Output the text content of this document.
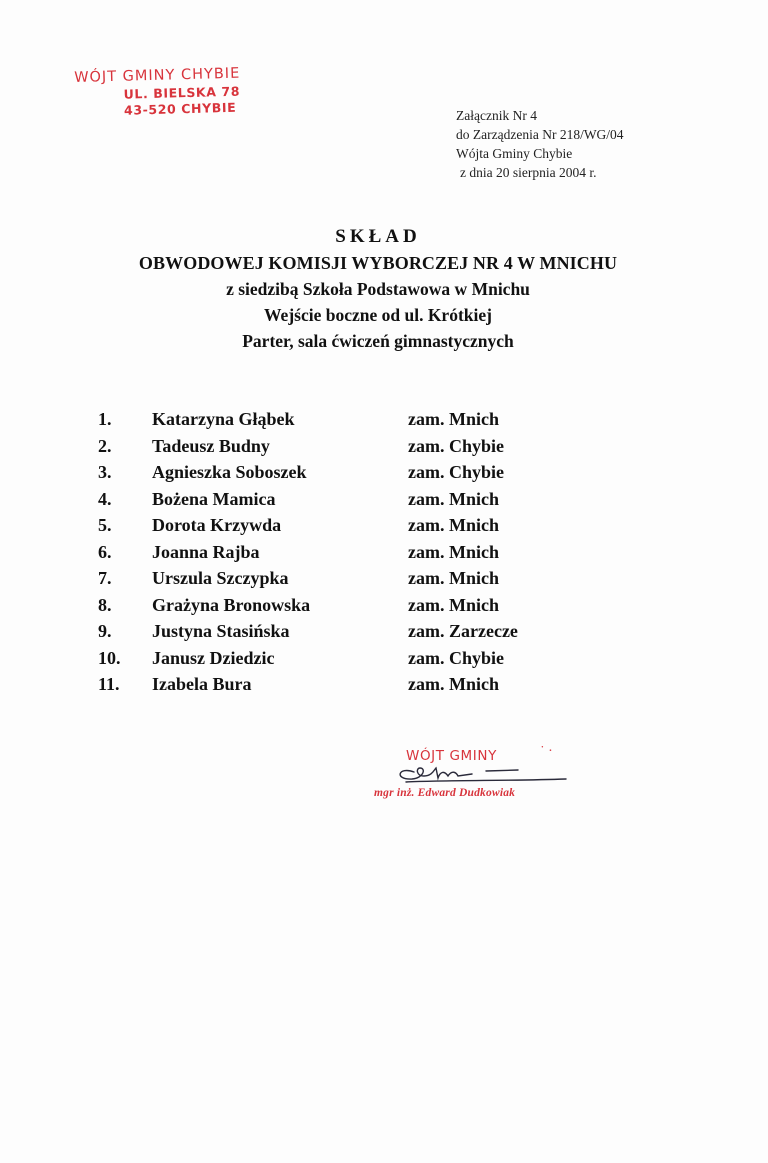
WÓJT GMINY CHYBIE
UL. BIELSKA 78
43-520 CHYBIE	Załącznik Nr 4
do Zarządzenia Nr 218/WG/04
Wójta Gminy Chybie
z dnia 20 sierpnia 2004 r.
SKŁAD
OBWODOWEJ KOMISJI WYBORCZEJ NR 4 W MNICHU
z siedzibą Szkoła Podstawowa w Mnichu
Wejście boczne od ul. Krótkiej
Parter, sala ćwiczeń gimnastycznych
1.	Katarzyna Głąbek	zam. Mnich
2.	Tadeusz Budny	zam. Chybie
3.	Agnieszka Soboszek	zam. Chybie
4.	Bożena Mamica	zam. Mnich
5.	Dorota Krzywda	zam. Mnich
6.	Joanna Rajba	zam. Mnich
7.	Urszula Szczypka	zam. Mnich
8.	Grażyna Bronowska	zam. Mnich
9.	Justyna Stasińska	zam. Zarzecze
10.	Janusz Dziedzic	zam. Chybie
11.	Izabela Bura	zam. Mnich
WÓJT GMINY	˙ ·
mgr inż. Edward Dudkowiak
